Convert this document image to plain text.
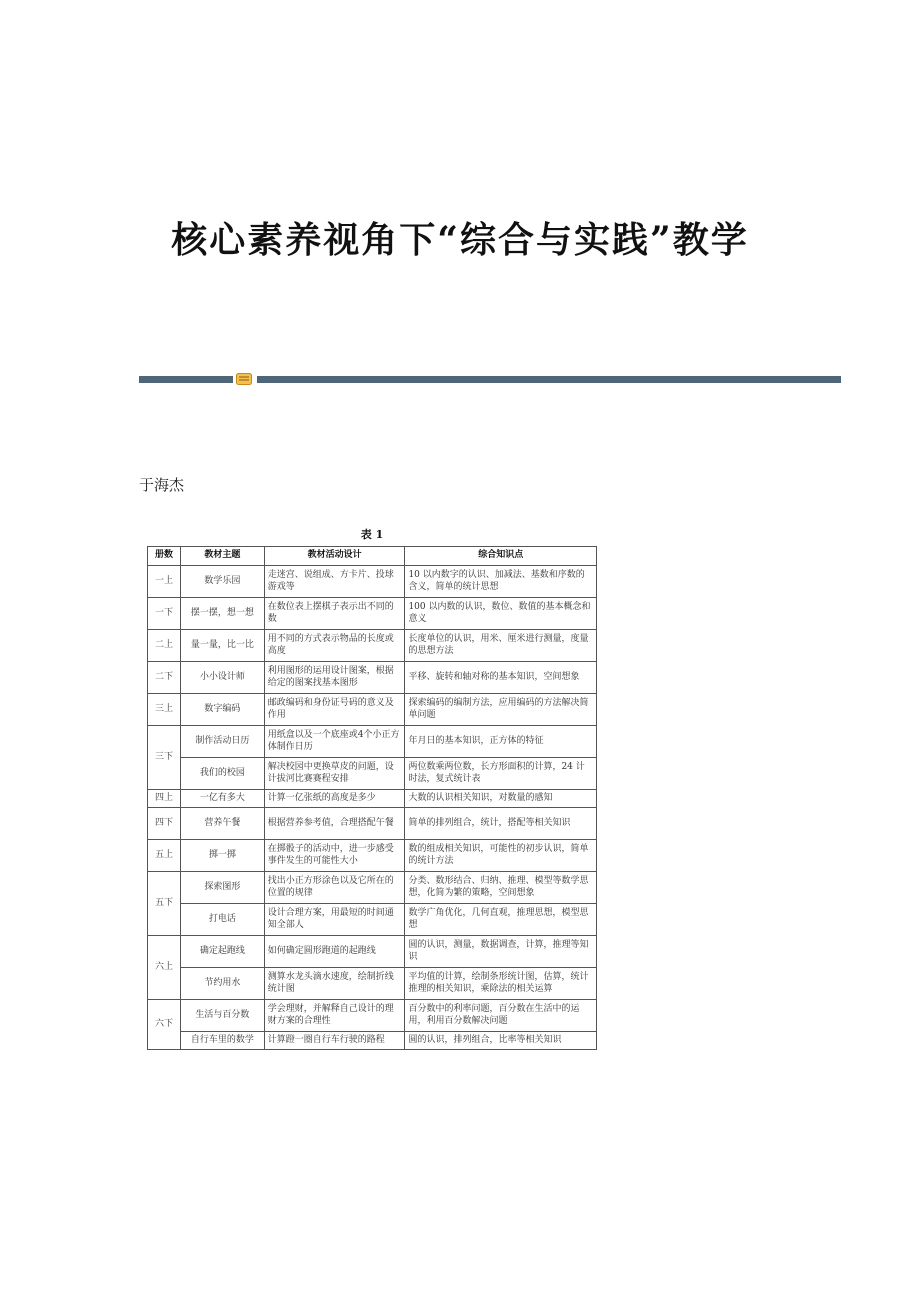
核心素养视角下“综合与实践”教学
于海杰
表 1
册数	教材主题	教材活动设计	综合知识点
一上	数学乐园	走迷宫、说组成、方卡片、投球游戏等	10 以内数字的认识、加减法、基数和序数的含义，简单的统计思想
一下	摆一摆，想一想	在数位表上摆棋子表示出不同的数	100 以内数的认识，数位、数值的基本概念和意义
二上	量一量，比一比	用不同的方式表示物品的长度或高度	长度单位的认识，用米、厘米进行测量，度量的思想方法
二下	小小设计师	利用图形的运用设计图案，根据给定的图案找基本图形	平移、旋转和轴对称的基本知识，空间想象
三上	数字编码	邮政编码和身份证号码的意义及作用	探索编码的编制方法，应用编码的方法解决简单问题
三下	制作活动日历	用纸盒以及一个底座或4个小正方体制作日历	年月日的基本知识，正方体的特征
	我们的校园	解决校园中更换草皮的问题，设计拔河比赛赛程安排	两位数乘两位数，长方形面积的计算，24 计时法，复式统计表
四上	一亿有多大	计算一亿张纸的高度是多少	大数的认识相关知识，对数量的感知
四下	营养午餐	根据营养参考值，合理搭配午餐	简单的排列组合，统计，搭配等相关知识
五上	掷一掷	在掷骰子的活动中，进一步感受事件发生的可能性大小	数的组成相关知识，可能性的初步认识，简单的统计方法
五下	探索图形	找出小正方形涂色以及它所在的位置的规律	分类、数形结合、归纳、推理、模型等数学思想，化简为繁的策略，空间想象
	打电话	设计合理方案，用最短的时间通知全部人	数学广角优化，几何直观，推理思想，模型思想
六上	确定起跑线	如何确定圆形跑道的起跑线	圆的认识，测量，数据调查，计算，推理等知识
	节约用水	测算水龙头滴水速度，绘制折线统计图	平均值的计算，绘制条形统计图，估算，统计推理的相关知识，乘除法的相关运算
六下	生活与百分数	学会理财，并解释自己设计的理财方案的合理性	百分数中的利率问题，百分数在生活中的运用，利用百分数解决问题
	自行车里的数学	计算蹬一圈自行车行驶的路程	圆的认识，排列组合，比率等相关知识
